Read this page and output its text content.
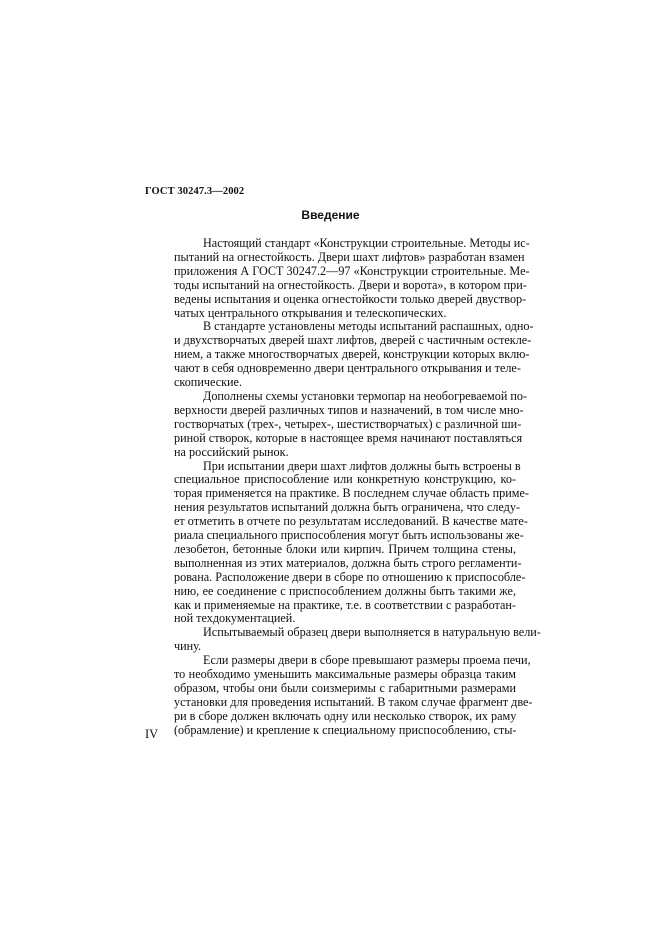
ГОСТ 30247.3—2002

Введение
Настоящий стандарт «Конструкции строительные. Методы ис-
пытаний на огнестойкость. Двери шахт лифтов» разработан взамен
приложения А ГОСТ 30247.2—97 «Конструкции строительные. Ме-
тоды испытаний на огнестойкость. Двери и ворота», в котором при-
ведены испытания и оценка огнестойкости только дверей двуствор-
чатых центрального открывания и телескопических.
В стандарте установлены методы испытаний распашных, одно-
и двухстворчатых дверей шахт лифтов, дверей с частичным остекле-
нием, а также многостворчатых дверей, конструкции которых вклю-
чают в себя одновременно двери центрального открывания и теле-
скопические.
Дополнены схемы установки термопар на необогреваемой по-
верхности дверей различных типов и назначений, в том числе мно-
гостворчатых (трех-, четырех-, шестистворчатых) с различной ши-
риной створок, которые в настоящее время начинают поставляться
на российский рынок.
При испытании двери шахт лифтов должны быть встроены в
специальное приспособление или конкретную конструкцию, ко-
торая применяется на практике. В последнем случае область приме-
нения результатов испытаний должна быть ограничена, что следу-
ет отметить в отчете по результатам исследований. В качестве мате-
риала специального приспособления могут быть использованы же-
лезобетон, бетонные блоки или кирпич. Причем толщина стены,
выполненная из этих материалов, должна быть строго регламенти-
рована. Расположение двери в сборе по отношению к приспособле-
нию, ее соединение с приспособлением должны быть такими же,
как и применяемые на практике, т.е. в соответствии с разработан-
ной техдокументацией.
Испытываемый образец двери выполняется в натуральную вели-
чину.
Если размеры двери в сборе превышают размеры проема печи,
то необходимо уменьшить максимальные размеры образца таким
образом, чтобы они были соизмеримы с габаритными размерами
установки для проведения испытаний. В таком случае фрагмент две-
ри в сборе должен включать одну или несколько створок, их раму
(обрамление) и крепление к специальному приспособлению, сты-

IV
